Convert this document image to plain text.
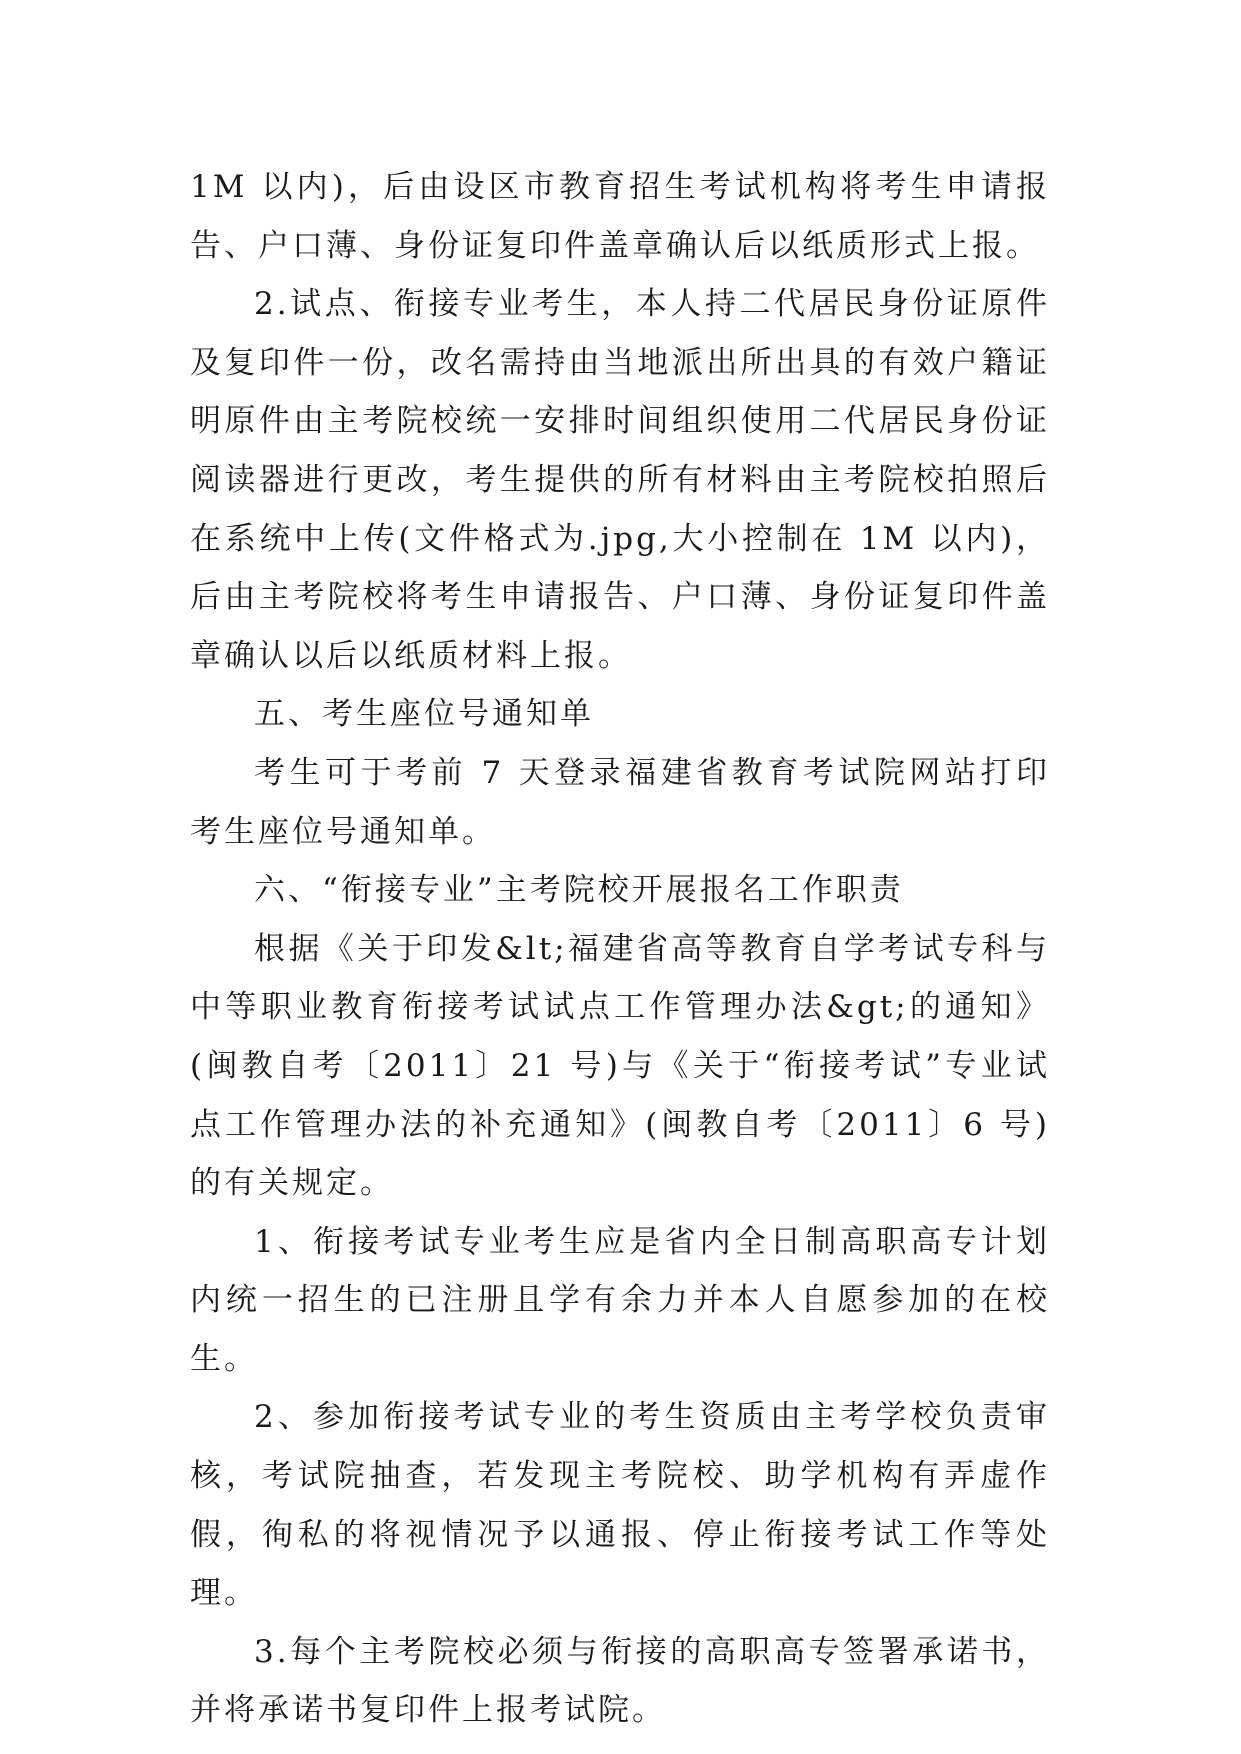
1M 以内)，后由设区市教育招生考试机构将考生申请报告、户口薄、身份证复印件盖章确认后以纸质形式上报。

2.试点、衔接专业考生，本人持二代居民身份证原件及复印件一份，改名需持由当地派出所出具的有效户籍证明原件由主考院校统一安排时间组织使用二代居民身份证阅读器进行更改，考生提供的所有材料由主考院校拍照后在系统中上传(文件格式为.jpg,大小控制在 1M 以内)，后由主考院校将考生申请报告、户口薄、身份证复印件盖章确认以后以纸质材料上报。

五、考生座位号通知单

考生可于考前 7 天登录福建省教育考试院网站打印考生座位号通知单。

六、“衔接专业”主考院校开展报名工作职责

根据《关于印发&lt;福建省高等教育自学考试专科与中等职业教育衔接考试试点工作管理办法&gt;的通知》(闽教自考〔2011〕21 号)与《关于“衔接考试”专业试点工作管理办法的补充通知》(闽教自考〔2011〕6 号)的有关规定。

1、衔接考试专业考生应是省内全日制高职高专计划内统一招生的已注册且学有余力并本人自愿参加的在校生。

2、参加衔接考试专业的考生资质由主考学校负责审核，考试院抽查，若发现主考院校、助学机构有弄虚作假，徇私的将视情况予以通报、停止衔接考试工作等处理。

3.每个主考院校必须与衔接的高职高专签署承诺书，并将承诺书复印件上报考试院。
